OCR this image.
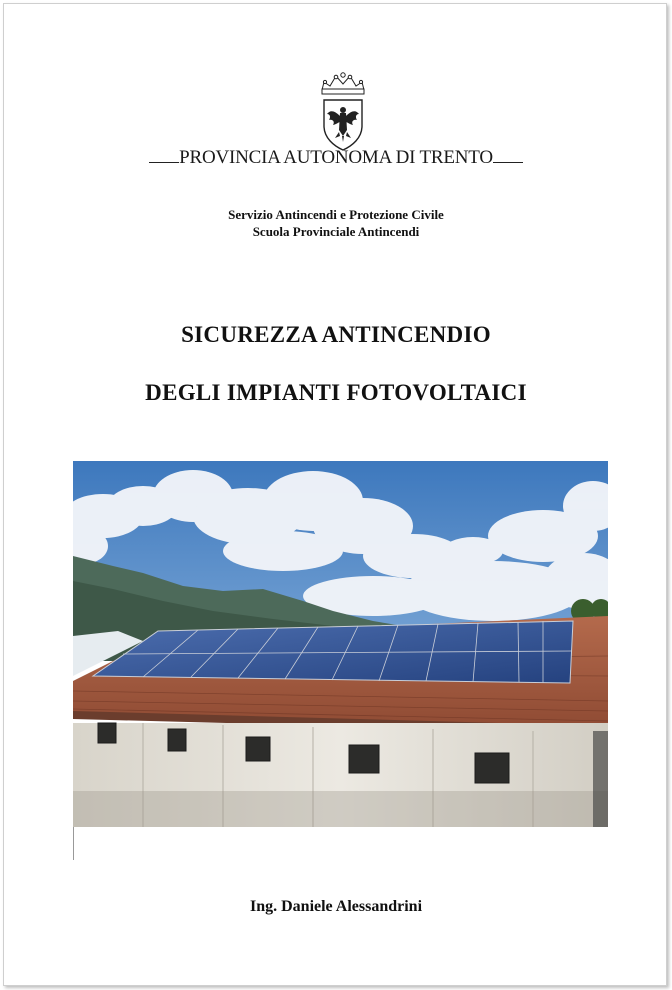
PROVINCIA AUTONOMA DI TRENTO
Servizio Antincendi e Protezione Civile
Scuola Provinciale Antincendi
SICUREZZA ANTINCENDIO
DEGLI IMPIANTI FOTOVOLTAICI
Ing. Daniele Alessandrini
